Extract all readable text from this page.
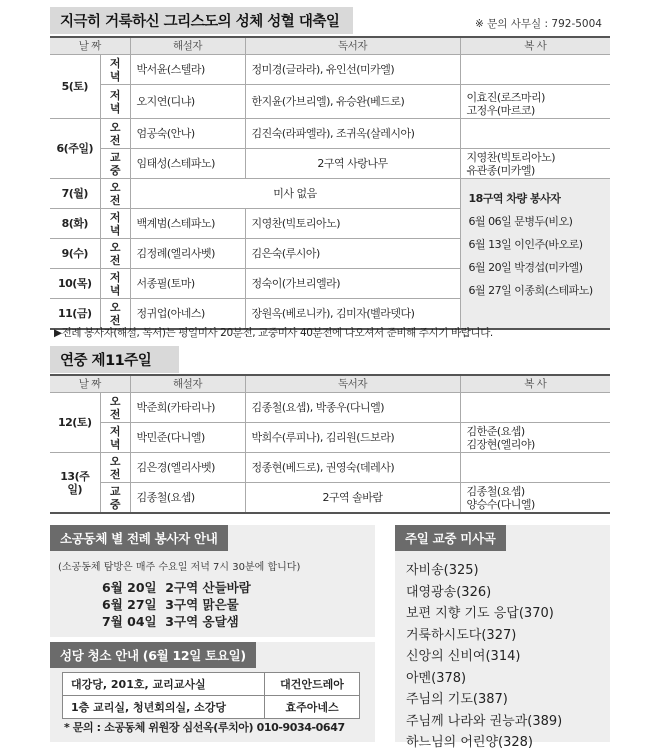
지극히 거룩하신 그리스도의 성체 성혈 대축일	※ 문의 사무실 : 792-5004
날 짜		해설자	독서자	복 사
5(토)	저녁	박서윤(스텔라)	정미경(글라라), 유인선(미카엘)	
	저녁	오지연(디냐)	한지윤(가브리엘), 유승완(베드로)	이효진(로즈마리)
고정우(마르코)
6(주일)	오전	엄공숙(안나)	김진숙(라파엘라), 조귀옥(살레시아)	
	교중	임태성(스테파노)	2구역 사랑나무	지영찬(빅토리아노)
유관종(미카엘)
7(월)	오전	미사 없음		18구역 차량 봉사자
6월 06일 문병두(비오)
6월 13일 이인주(바오로)
6월 20일 박경섭(미카엘)
6월 27일 이종희(스테파노)

8(화)	저녁	백계범(스테파노)	지영찬(빅토리아노)	
9(수)	오전	김정례(엘리사벳)	김은숙(루시아)	
10(목)	저녁	서종필(토마)	정숙이(가브리엘라)	
11(금)	오전	정귀업(아네스)	장원옥(베로니카), 김미자(벨라뎃다)	
▶전례 봉사자(해설, 독서)는 평일미사 20분전, 교중미사 40분전에 나오셔서 준비해 주시기 바랍니다.
연중 제11주일
날 짜		해설자	독서자	복 사
12(토)	오전	박준희(카타리나)	김종철(요셉), 박종우(다니엘)	
	저녁	박민준(다니엘)	박희수(루피나), 김리원(드보라)	김한준(요셉)
김장현(엘리야)
13(주일)	오전	김은경(엘리사벳)	정종현(베드로), 권영숙(데레사)	
	교중	김종철(요셉)	2구역 솔바람	김종철(요셉)
양승수(다니엘)
소공동체 별 전례 봉사자 안내
(소공동체 탐방은 매주 수요일 저녁 7시 30분에 합니다)
6월 20일  2구역 산들바람
6월 27일  3구역 맑은물
7월 04일  3구역 옹달샘
성당 청소 안내 (6월 12일 토요일)
대강당, 201호, 교리교사실	대건안드레아
1층 교리실, 청년회의실, 소강당	효주아네스
* 문의 : 소공동체 위원장 심선옥(루치아) 010-9034-0647
주일 교중 미사곡
자비송(325)
대영광송(326)
보편 지향 기도 응답(370)
거룩하시도다(327)
신앙의 신비여(314)
아멘(378)
주님의 기도(387)
주님께 나라와 권능과(389)
하느님의 어린양(328)
